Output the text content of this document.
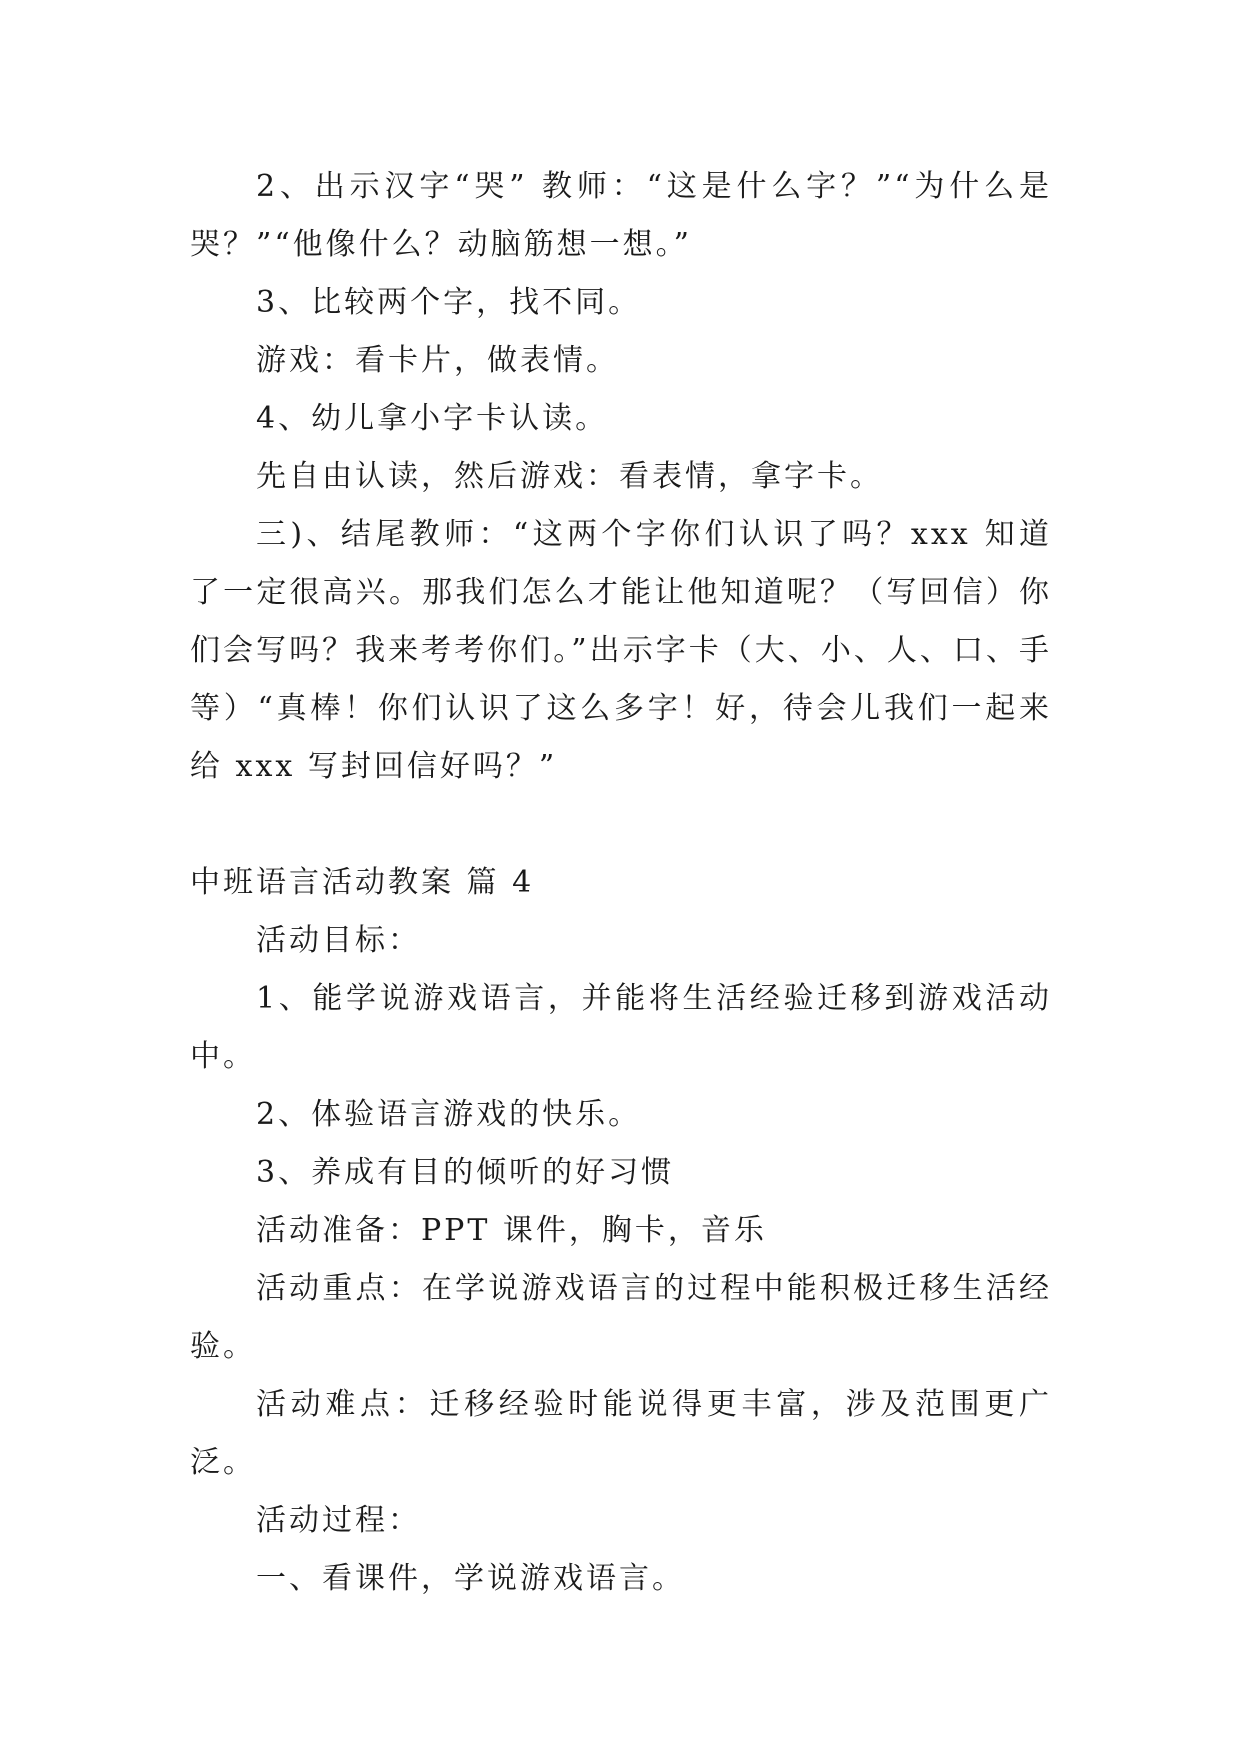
2、出示汉字“哭” 教师：“这是什么字？”“为什么是哭？”“他像什么？动脑筋想一想。”

3、比较两个字，找不同。

游戏：看卡片，做表情。

4、幼儿拿小字卡认读。

先自由认读，然后游戏：看表情，拿字卡。

三)、结尾教师：“这两个字你们认识了吗？xxx 知道了一定很高兴。那我们怎么才能让他知道呢？（写回信）你们会写吗？我来考考你们。”出示字卡（大、小、人、口、手等）“真棒！你们认识了这么多字！好，待会儿我们一起来给 xxx 写封回信好吗？”

中班语言活动教案 篇 4

活动目标：

1、能学说游戏语言，并能将生活经验迁移到游戏活动中。

2、体验语言游戏的快乐。

3、养成有目的倾听的好习惯

活动准备：PPT 课件，胸卡，音乐

活动重点：在学说游戏语言的过程中能积极迁移生活经验。

活动难点：迁移经验时能说得更丰富，涉及范围更广泛。

活动过程：

一、看课件，学说游戏语言。
